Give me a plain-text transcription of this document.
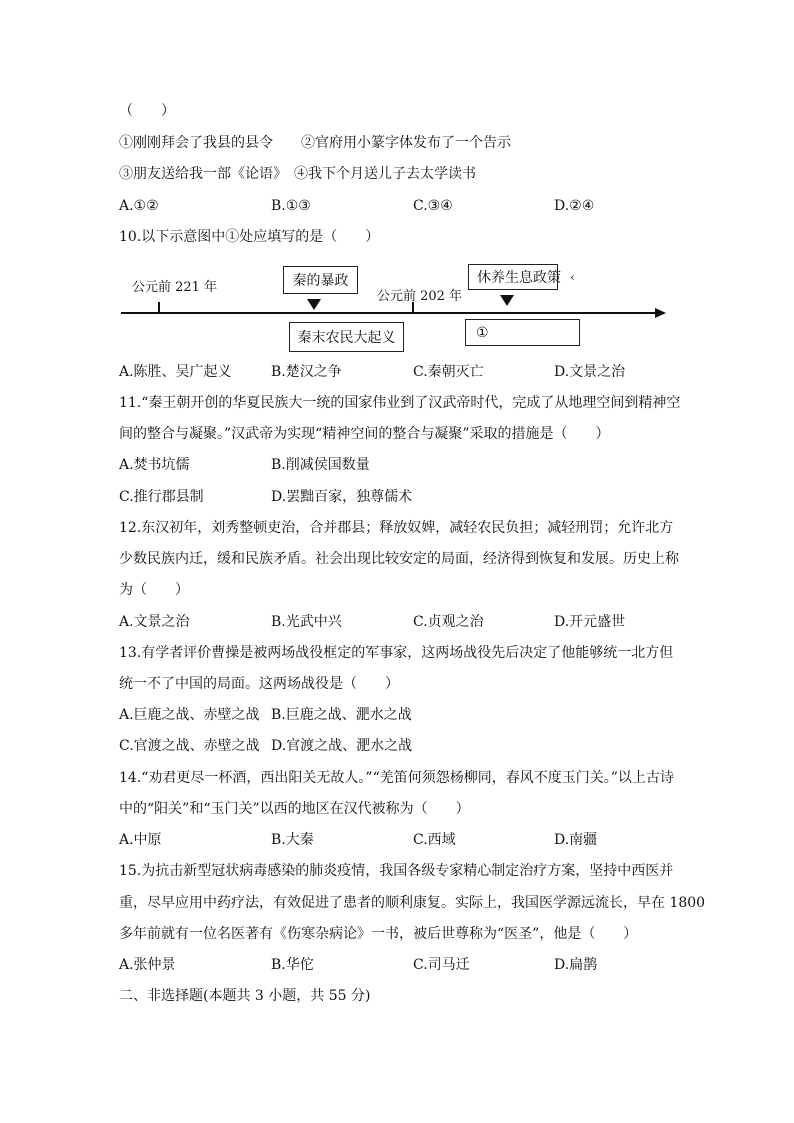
（　　）
①刚刚拜会了我县的县令　　②官府用小篆字体发布了一个告示
③朋友送给我一部《论语》　④我下个月送儿子去太学读书
A.①②	B.①③	C.③④	D.②④
10.以下示意图中①处应填写的是（　　）
公元前 221 年
公元前 202 年
秦的暴政
秦末农民大起义
休养生息政策 ‹
①
A.陈胜、吴广起义	B.楚汉之争	C.秦朝灭亡	D.文景之治
11.“秦王朝开创的华夏民族大一统的国家伟业到了汉武帝时代，完成了从地理空间到精神空
间的整合与凝聚。”汉武帝为实现“精神空间的整合与凝聚”采取的措施是（　　）
A.焚书坑儒	B.削减侯国数量
C.推行郡县制	D.罢黜百家，独尊儒术
12.东汉初年，刘秀整顿吏治，合并郡县；释放奴婢，减轻农民负担；减轻刑罚；允许北方
少数民族内迁，缓和民族矛盾。社会出现比较安定的局面，经济得到恢复和发展。历史上称
为（　　）
A.文景之治	B.光武中兴	C.贞观之治	D.开元盛世
13.有学者评价曹操是被两场战役框定的军事家，这两场战役先后决定了他能够统一北方但
统一不了中国的局面。这两场战役是（　　）
A.巨鹿之战、赤壁之战 B.巨鹿之战、淝水之战
C.官渡之战、赤壁之战 D.官渡之战、淝水之战
14.“劝君更尽一杯酒，西出阳关无故人。”“羌笛何须怨杨柳同，春风不度玉门关。”以上古诗
中的“阳关”和“玉门关”以西的地区在汉代被称为（　　）
A.中原	B.大秦	C.西域	D.南疆
15.为抗击新型冠状病毒感染的肺炎疫情，我国各级专家精心制定治疗方案，坚持中西医并
重，尽早应用中药疗法，有效促进了患者的顺利康复。实际上，我国医学源远流长，早在 1800
多年前就有一位名医著有《伤寒杂病论》一书，被后世尊称为“医圣”，他是（　　）
A.张仲景	B.华佗	C.司马迁	D.扁鹊
二、非选择题(本题共 3 小题，共 55 分)
